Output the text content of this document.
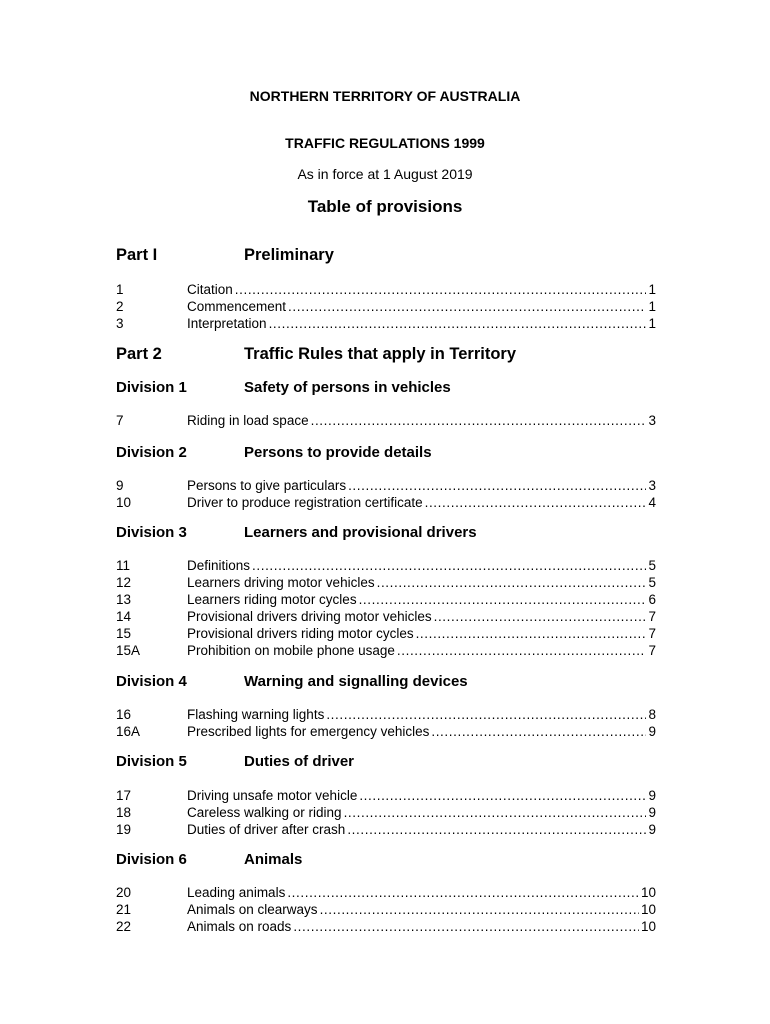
NORTHERN TERRITORY OF AUSTRALIA
TRAFFIC REGULATIONS 1999
As in force at 1 August 2019
Table of provisions
Part I	Preliminary
1	Citation .....	1
2	Commencement .....	1
3	Interpretation .....	1
Part 2	Traffic Rules that apply in Territory
Division 1	Safety of persons in vehicles
7	Riding in load space .....	3
Division 2	Persons to provide details
9	Persons to give particulars .....	3
10	Driver to produce registration certificate .....	4
Division 3	Learners and provisional drivers
11	Definitions .....	5
12	Learners driving motor vehicles .....	5
13	Learners riding motor cycles .....	6
14	Provisional drivers driving motor vehicles .....	7
15	Provisional drivers riding motor cycles .....	7
15A	Prohibition on mobile phone usage .....	7
Division 4	Warning and signalling devices
16	Flashing warning lights .....	8
16A	Prescribed lights for emergency vehicles .....	9
Division 5	Duties of driver
17	Driving unsafe motor vehicle .....	9
18	Careless walking or riding .....	9
19	Duties of driver after crash .....	9
Division 6	Animals
20	Leading animals .....	10
21	Animals on clearways .....	10
22	Animals on roads .....	10
